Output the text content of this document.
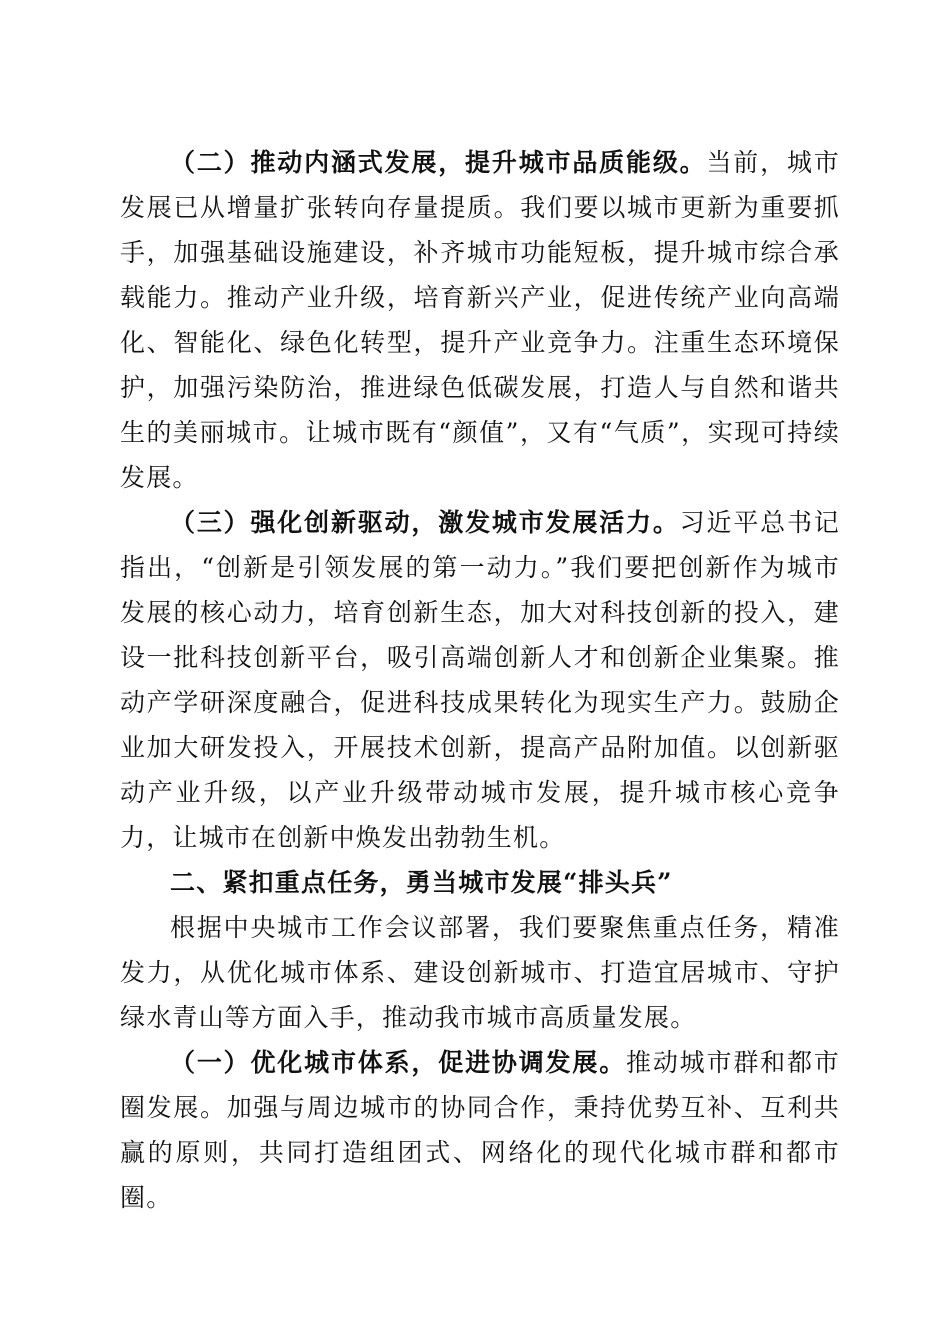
（二）推动内涵式发展，提升城市品质能级。当前，城市发展已从增量扩张转向存量提质。我们要以城市更新为重要抓手，加强基础设施建设，补齐城市功能短板，提升城市综合承载能力。推动产业升级，培育新兴产业，促进传统产业向高端化、智能化、绿色化转型，提升产业竞争力。注重生态环境保护，加强污染防治，推进绿色低碳发展，打造人与自然和谐共生的美丽城市。让城市既有“颜值”，又有“气质”，实现可持续发展。

（三）强化创新驱动，激发城市发展活力。习近平总书记指出，“创新是引领发展的第一动力。”我们要把创新作为城市发展的核心动力，培育创新生态，加大对科技创新的投入，建设一批科技创新平台，吸引高端创新人才和创新企业集聚。推动产学研深度融合，促进科技成果转化为现实生产力。鼓励企业加大研发投入，开展技术创新，提高产品附加值。以创新驱动产业升级，以产业升级带动城市发展，提升城市核心竞争力，让城市在创新中焕发出勃勃生机。

二、紧扣重点任务，勇当城市发展“排头兵”

根据中央城市工作会议部署，我们要聚焦重点任务，精准发力，从优化城市体系、建设创新城市、打造宜居城市、守护绿水青山等方面入手，推动我市城市高质量发展。

（一）优化城市体系，促进协调发展。推动城市群和都市圈发展。加强与周边城市的协同合作，秉持优势互补、互利共赢的原则，共同打造组团式、网络化的现代化城市群和都市圈。
